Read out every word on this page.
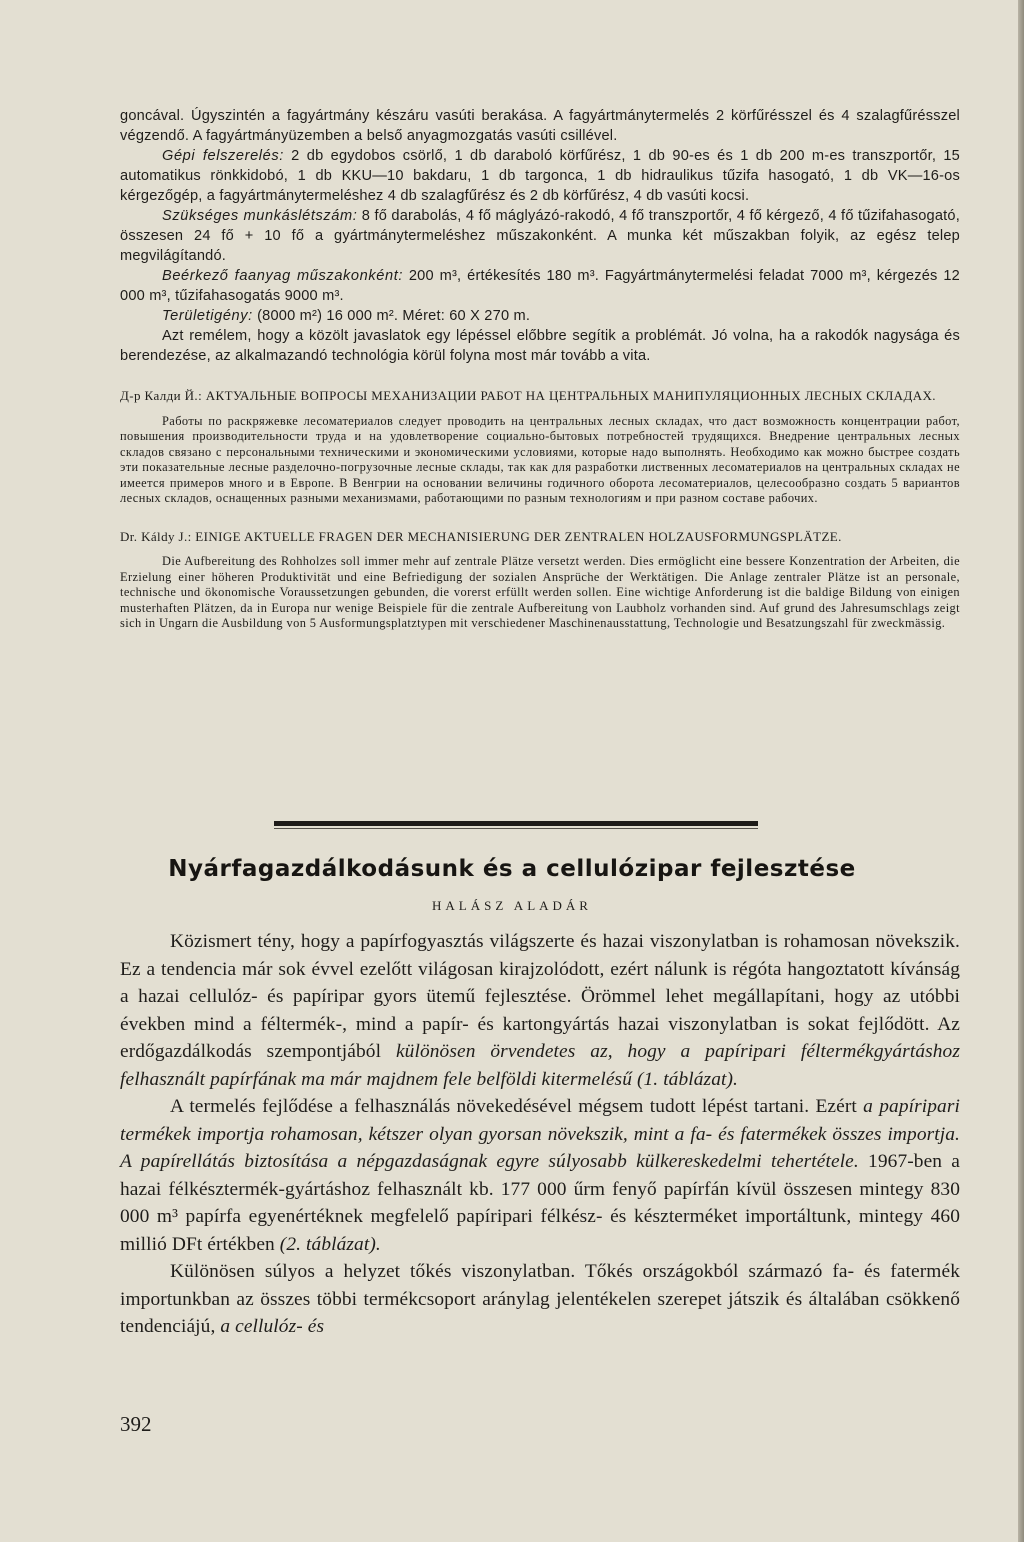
goncával. Úgyszintén a fagyártmány készáru vasúti berakása. A fagyártmánytermelés 2 körfűrésszel és 4 szalagfűrésszel végzendő. A fagyártmányüzemben a belső anyagmozgatás vasúti csillével.

Gépi felszerelés: 2 db egydobos csörlő, 1 db daraboló körfűrész, 1 db 90-es és 1 db 200 m-es transzportőr, 15 automatikus rönkkidobó, 1 db KKU—10 bakdaru, 1 db targonca, 1 db hidraulikus tűzifa hasogató, 1 db VK—16-os kérgezőgép, a fagyártmánytermeléshez 4 db szalagfűrész és 2 db körfűrész, 4 db vasúti kocsi.

Szükséges munkáslétszám: 8 fő darabolás, 4 fő máglyázó-rakodó, 4 fő transzportőr, 4 fő kérgező, 4 fő tűzifahasogató, összesen 24 fő + 10 fő a gyártmánytermeléshez műszakonként. A munka két műszakban folyik, az egész telep megvilágítandó.

Beérkező faanyag műszakonként: 200 m³, értékesítés 180 m³. Fagyártmánytermelési feladat 7000 m³, kérgezés 12 000 m³, tűzifahasogatás 9000 m³.

Területigény: (8000 m²) 16 000 m². Méret: 60 X 270 m.

Azt remélem, hogy a közölt javaslatok egy lépéssel előbbre segítik a problémát. Jó volna, ha a rakodók nagysága és berendezése, az alkalmazandó technológia körül folyna most már tovább a vita.

Д-р Калди Й.: АКТУАЛЬНЫЕ ВОПРОСЫ МЕХАНИЗАЦИИ РАБОТ НА ЦЕНТРАЛЬНЫХ МАНИПУЛЯЦИОННЫХ ЛЕСНЫХ СКЛАДАХ.

Работы по раскряжевке лесоматериалов следует проводить на центральных лесных складах, что даст возможность концентрации работ, повышения производительности труда и на удовлетворение социально-бытовых потребностей трудящихся. Внедрение центральных лесных складов связано с персональными техническими и экономическими условиями, которые надо выполнять. Необходимо как можно быстрее создать эти показательные лесные разделочно-погрузочные лесные склады, так как для разработки лиственных лесоматериалов на центральных складах не имеется примеров много и в Европе. В Венгрии на основании величины годичного оборота лесоматериалов, целесообразно создать 5 вариантов лесных складов, оснащенных разными механизмами, работающими по разным технологиям и при разном составе рабочих.

Dr. Káldy J.: EINIGE AKTUELLE FRAGEN DER MECHANISIERUNG DER ZENTRALEN HOLZAUSFORMUNGSPLÄTZE.

Die Aufbereitung des Rohholzes soll immer mehr auf zentrale Plätze versetzt werden. Dies ermöglicht eine bessere Konzentration der Arbeiten, die Erzielung einer höheren Produktivität und eine Befriedigung der sozialen Ansprüche der Werktätigen. Die Anlage zentraler Plätze ist an personale, technische und ökonomische Voraussetzungen gebunden, die vorerst erfüllt werden sollen. Eine wichtige Anforderung ist die baldige Bildung von einigen musterhaften Plätzen, da in Europa nur wenige Beispiele für die zentrale Aufbereitung von Laubholz vorhanden sind. Auf grund des Jahresumschlags zeigt sich in Ungarn die Ausbildung von 5 Ausformungsplatztypen mit verschiedener Maschinenausstattung, Technologie und Besatzungszahl für zweckmässig.

Nyárfagazdálkodásunk és a cellulózipar fejlesztése
HALÁSZ ALADÁR

Közismert tény, hogy a papírfogyasztás világszerte és hazai viszonylatban is rohamosan növekszik. Ez a tendencia már sok évvel ezelőtt világosan kirajzolódott, ezért nálunk is régóta hangoztatott kívánság a hazai cellulóz- és papíripar gyors ütemű fejlesztése. Örömmel lehet megállapítani, hogy az utóbbi években mind a féltermék-, mind a papír- és kartongyártás hazai viszonylatban is sokat fejlődött. Az erdőgazdálkodás szempontjából különösen örvendetes az, hogy a papíripari féltermékgyártáshoz felhasznált papírfának ma már majdnem fele belföldi kitermelésű (1. táblázat).

A termelés fejlődése a felhasználás növekedésével mégsem tudott lépést tartani. Ezért a papíripari termékek importja rohamosan, kétszer olyan gyorsan növekszik, mint a fa- és fatermékek összes importja. A papírellátás biztosítása a népgazdaságnak egyre súlyosabb külkereskedelmi tehertétele. 1967-ben a hazai félkésztermék-gyártáshoz felhasznált kb. 177 000 űrm fenyő papírfán kívül összesen mintegy 830 000 m³ papírfa egyenértéknek megfelelő papíripari félkész- és készterméket importáltunk, mintegy 460 millió DFt értékben (2. táblázat).

Különösen súlyos a helyzet tőkés viszonylatban. Tőkés országokból származó fa- és fatermék importunkban az összes többi termékcsoport aránylag jelentékelen szerepet játszik és általában csökkenő tendenciájú, a cellulóz- és

392
